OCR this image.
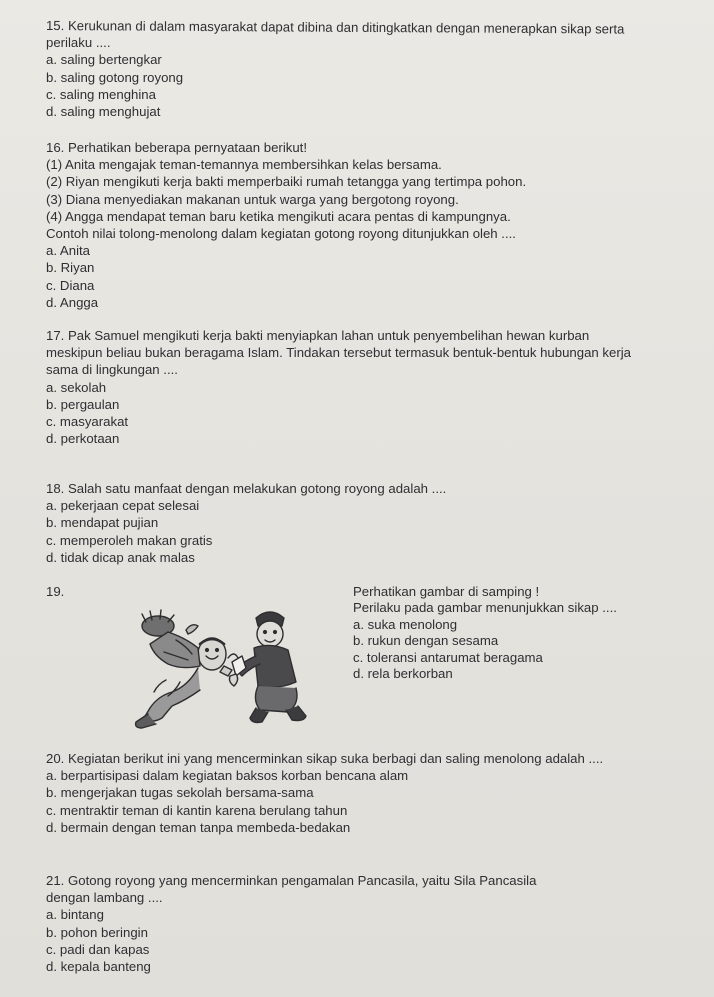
15. Kerukunan di dalam masyarakat dapat dibina dan ditingkatkan dengan menerapkan sikap serta
perilaku ....
a. saling bertengkar
b. saling gotong royong
c. saling menghina
d. saling menghujat
16. Perhatikan beberapa pernyataan berikut!
(1) Anita mengajak teman-temannya membersihkan kelas bersama.
(2) Riyan mengikuti kerja bakti memperbaiki rumah tetangga yang tertimpa pohon.
(3) Diana menyediakan makanan untuk warga yang bergotong royong.
(4) Angga mendapat teman baru ketika mengikuti acara pentas di kampungnya.
Contoh nilai tolong-menolong dalam kegiatan gotong royong ditunjukkan oleh ....
a. Anita
b. Riyan
c. Diana
d. Angga
17. Pak Samuel mengikuti kerja bakti menyiapkan lahan untuk penyembelihan hewan kurban
meskipun beliau bukan beragama Islam. Tindakan tersebut termasuk bentuk-bentuk hubungan kerja
sama di lingkungan ....
a. sekolah
b. pergaulan
c. masyarakat
d. perkotaan
18. Salah satu manfaat dengan melakukan gotong royong adalah ....
a. pekerjaan cepat selesai
b. mendapat pujian
c. memperoleh makan gratis
d. tidak dicap anak malas
19.	Perhatikan gambar di samping !
Perilaku pada gambar menunjukkan sikap ....
a. suka menolong
b. rukun dengan sesama
c. toleransi antarumat beragama
d. rela berkorban
20. Kegiatan berikut ini yang mencerminkan sikap suka berbagi dan saling menolong adalah ....
a. berpartisipasi dalam kegiatan baksos korban bencana alam
b. mengerjakan tugas sekolah bersama-sama
c. mentraktir teman di kantin karena berulang tahun
d. bermain dengan teman tanpa membeda-bedakan
21. Gotong royong yang mencerminkan pengamalan Pancasila, yaitu Sila Pancasila
dengan lambang ....
a. bintang
b. pohon beringin
c. padi dan kapas
d. kepala banteng
